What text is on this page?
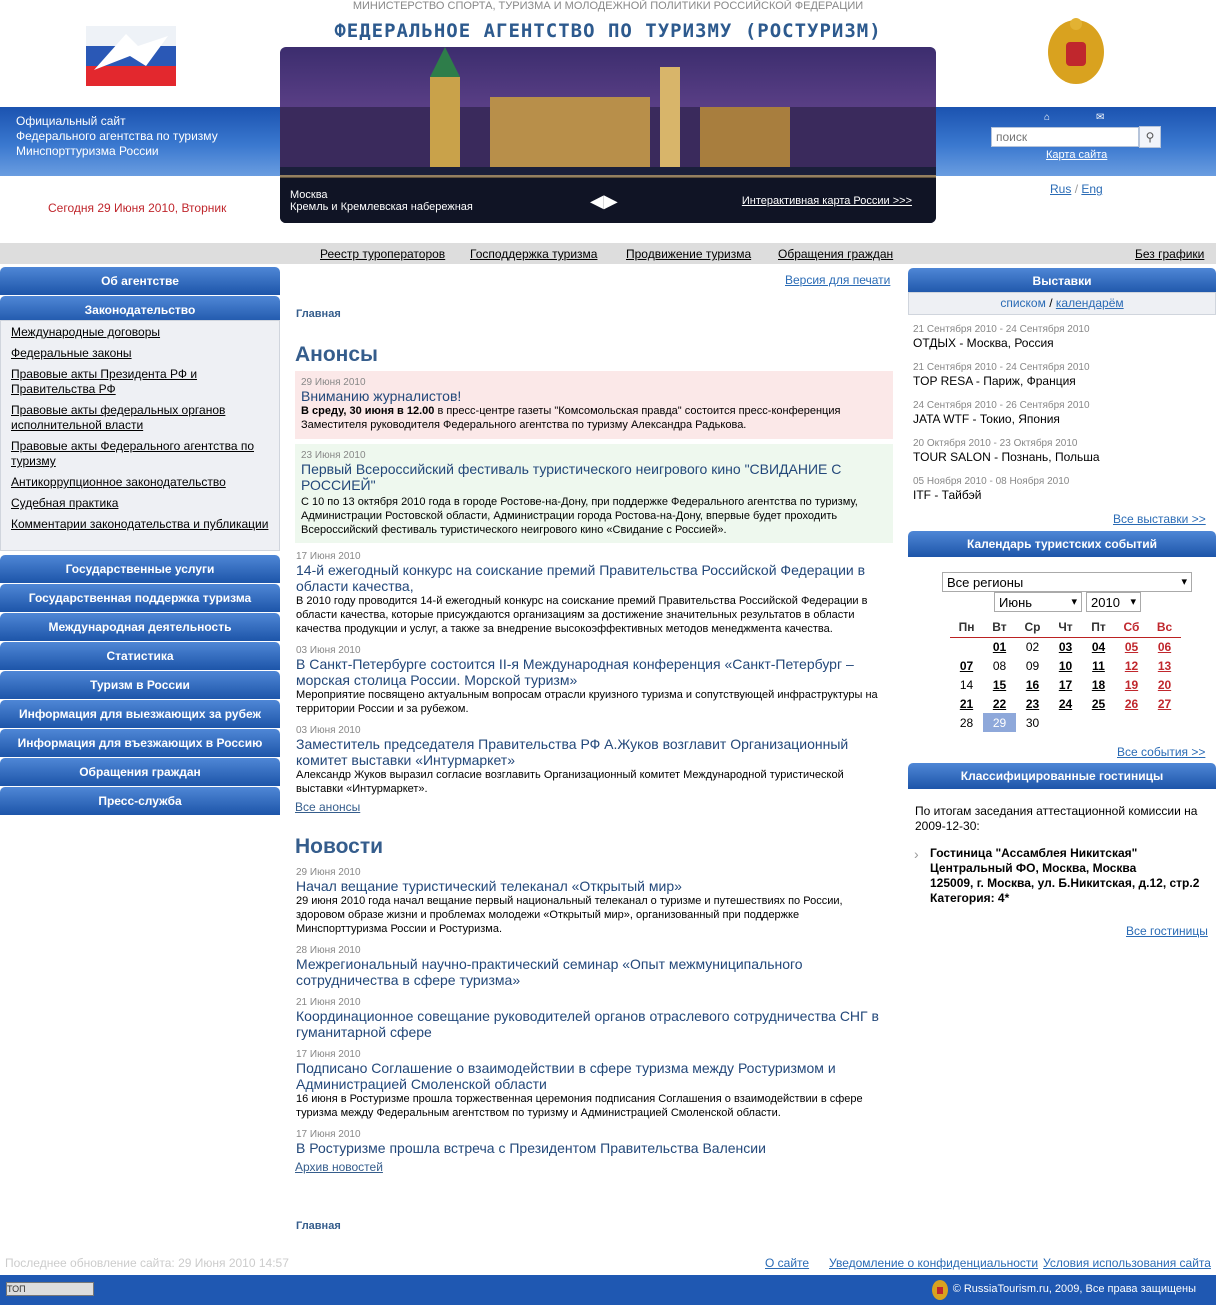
МИНИСТЕРСТВО СПОРТА, ТУРИЗМА И МОЛОДЕЖНОЙ ПОЛИТИКИ РОССИЙСКОЙ ФЕДЕРАЦИИ
ФЕДЕРАЛЬНОЕ АГЕНТСТВО ПО ТУРИЗМУ (РОСТУРИЗМ)
Официальный сайт
Федерального агентства по туризму
Минспорттуризма России
Москва
Кремль и Кремлевская набережная	◀▶	Интерактивная карта России >>>
Сегодня 29 Июня 2010, Вторник
⌂	✉
поиск
⚲
Карта сайта
Rus / Eng
Реестр туроператоров Господдержка туризма Продвижение туризма Обращения граждан	Без графики
Об агентстве
Законодательство
Международные договоры
Федеральные законы
Правовые акты Президента РФ и Правительства РФ
Правовые акты федеральных органов исполнительной власти
Правовые акты Федерального агентства по туризму
Антикоррупционное законодательство
Судебная практика
Комментарии законодательства и публикации
Государственные услуги
Государственная поддержка туризма
Международная деятельность
Статистика
Туризм в России
Информация для выезжающих за рубеж
Информация для въезжающих в Россию
Обращения граждан
Пресс-служба
Версия для печати
Главная
Анонсы
29 Июня 2010
Вниманию журналистов!
В среду, 30 июня в 12.00 в пресс-центре газеты "Комсомольская правда" состоится пресс-конференция Заместителя руководителя Федерального агентства по туризму Александра Радькова.
23 Июня 2010
Первый Всероссийский фестиваль туристического неигрового кино "СВИДАНИЕ С РОССИЕЙ"
С 10 по 13 октября 2010 года в городе Ростове-на-Дону, при поддержке Федерального агентства по туризму, Администрации Ростовской области, Администрации города Ростова-на-Дону, впервые будет проходить Всероссийский фестиваль туристического неигрового кино «Свидание с Россией».
17 Июня 2010
14-й ежегодный конкурс на соискание премий Правительства Российской Федерации в области качества,
В 2010 году проводится 14-й ежегодный конкурс на соискание премий Правительства Российской Федерации в области качества, которые присуждаются организациям за достижение значительных результатов в области качества продукции и услуг, а также за внедрение высокоэффективных методов менеджмента качества.
03 Июня 2010
В Санкт-Петербурге состоится II-я Международная конференция «Санкт-Петербург – морская столица России. Морской туризм»
Мероприятие посвящено актуальным вопросам отрасли круизного туризма и сопутствующей инфраструктуры на территории России и за рубежом.
03 Июня 2010
Заместитель председателя Правительства РФ А.Жуков возглавит Организационный комитет выставки «Интурмаркет»
Александр Жуков выразил согласие возглавить Организационный комитет Международной туристической выставки «Интурмаркет».
Все анонсы
Новости
29 Июня 2010
Начал вещание туристический телеканал «Открытый мир»
29 июня 2010 года начал вещание первый национальный телеканал о туризме и путешествиях по России, здоровом образе жизни и проблемах молодежи «Открытый мир», организованный при поддержке Минспорттуризма России и Ростуризма.
28 Июня 2010
Межрегиональный научно-практический семинар «Опыт межмуниципального сотрудничества в сфере туризма»
21 Июня 2010
Координационное совещание руководителей органов отраслевого сотрудничества СНГ в гуманитарной сфере
17 Июня 2010
Подписано Соглашение о взаимодействии в сфере туризма между Ростуризмом и Администрацией Смоленской области
16 июня в Ростуризме прошла торжественная церемония подписания Соглашения о взаимодействии в сфере туризма между Федеральным агентством по туризму и Администрацией Смоленской области.
17 Июня 2010
В Ростуризме прошла встреча с Президентом Правительства Валенсии
Архив новостей
Главная
Выставки
списком / календарём
21 Сентября 2010 - 24 Сентября 2010
ОТДЫХ - Москва, Россия
21 Сентября 2010 - 24 Сентября 2010
TOP RESA - Париж, Франция
24 Сентября 2010 - 26 Сентября 2010
JATA WTF - Токио, Япония
20 Октября 2010 - 23 Октября 2010
TOUR SALON - Познань, Польша
05 Ноября 2010 - 08 Ноября 2010
ITF - Тайбэй
Все выставки >>
Календарь туристских событий
Все регионы ▾
Июнь ▾	2010 ▾
Пн	Вт	Ср	Чт	Пт	Сб	Вс
	01	02	03	04	05	06
07	08	09	10	11	12	13
14	15	16	17	18	19	20
21	22	23	24	25	26	27
28	29	30				
Все события >>
Классифицированные гостиницы
По итогам заседания аттестационной комиссии на 2009-12-30:
› Гостиница "Ассамблея Никитская"
Центральный ФО, Москва, Москва
125009, г. Москва, ул. Б.Никитская, д.12, стр.2
Категория: 4*
Все гостиницы
Последнее обновление сайта: 29 Июня 2010 14:57	О сайте Уведомление о конфиденциальности Условия использования сайта
ТОП	© RussiaTourism.ru, 2009, Все права защищены
